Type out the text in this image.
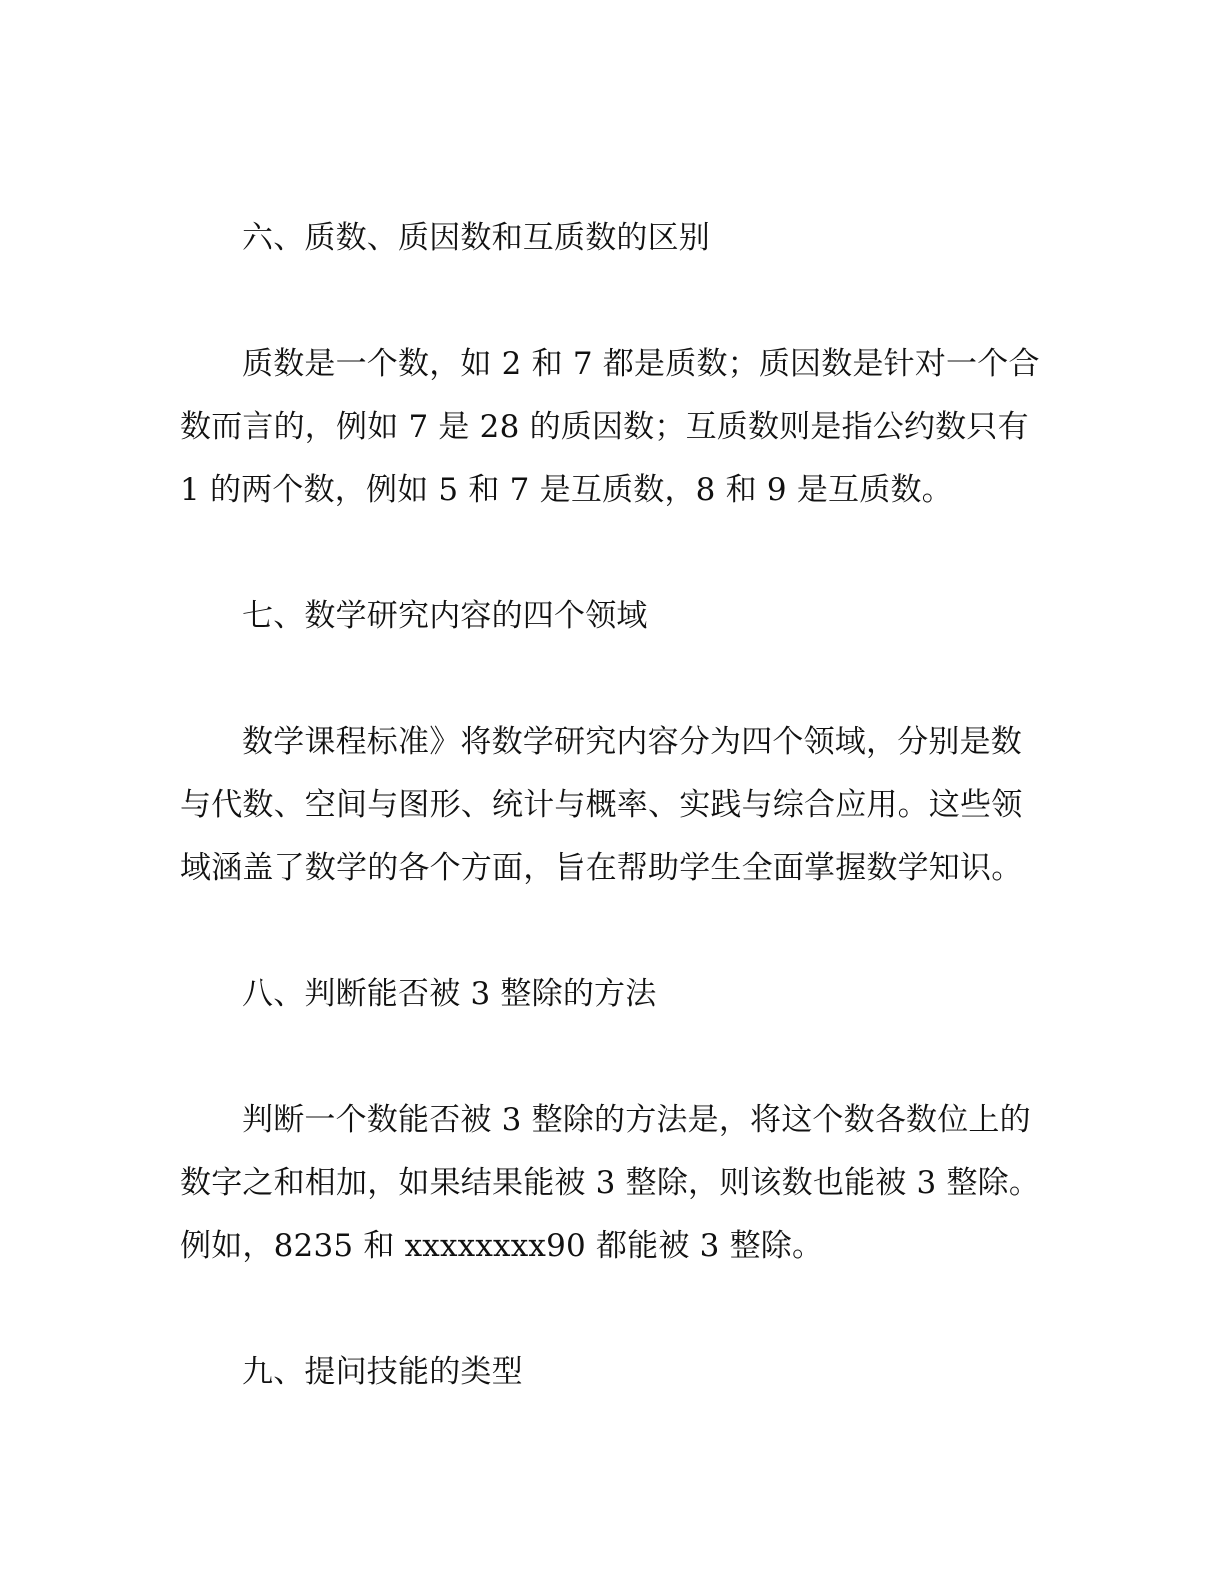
六、质数、质因数和互质数的区别
质数是一个数，如 2 和 7 都是质数；质因数是针对一个合
数而言的，例如 7 是 28 的质因数；互质数则是指公约数只有
1 的两个数，例如 5 和 7 是互质数，8 和 9 是互质数。
七、数学研究内容的四个领域
数学课程标准》将数学研究内容分为四个领域，分别是数
与代数、空间与图形、统计与概率、实践与综合应用。这些领
域涵盖了数学的各个方面，旨在帮助学生全面掌握数学知识。
八、判断能否被 3 整除的方法
判断一个数能否被 3 整除的方法是，将这个数各数位上的
数字之和相加，如果结果能被 3 整除，则该数也能被 3 整除。
例如，8235 和 xxxxxxxx90 都能被 3 整除。
九、提问技能的类型
